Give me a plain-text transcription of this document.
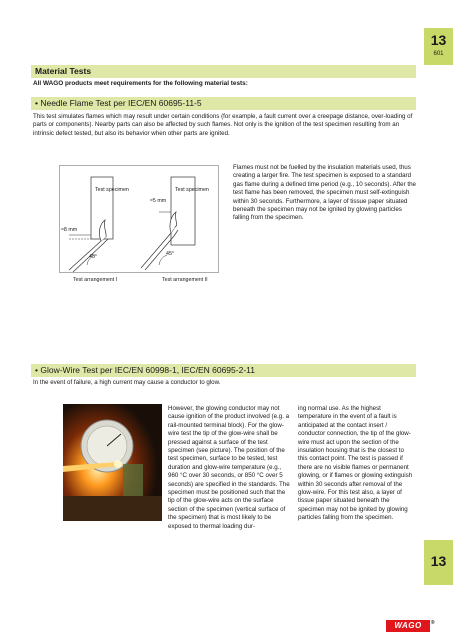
13
601
Material Tests
All WAGO products meet requirements for the following material tests:
• Needle Flame Test per IEC/EN 60695-11-5
This test simulates flames which may result under certain conditions (for example, a fault current over a creepage distance, over-loading of parts or components). Nearby parts can also be affected by such flames. Not only is the ignition of the test specimen resulting from an intrinsic defect tested, but also its behavior when other parts are ignited.
Test specimen	Test specimen
≈8 mm
≈5 mm
45°	45°
Test arrangement I	Test arrangement II
Flames must not be fuelled by the insulation materials used, thus creating a larger fire. The test specimen is exposed to a standard gas flame during a defined time period (e.g., 10 seconds). After the test flame has been removed, the specimen must self-extinguish within 30 seconds. Furthermore, a layer of tissue paper situated beneath the specimen may not be ignited by glowing particles falling from the specimen.
• Glow-Wire Test per IEC/EN 60998-1, IEC/EN 60695-2-11
In the event of failure, a high current may cause a conductor to glow.
However, the glowing conductor may not cause ignition of the product involved (e.g. a rail-mounted terminal block). For the glow-wire test the tip of the glow-wire shall be pressed against a surface of the test specimen (see picture). The position of the test specimen, surface to be tested, test duration and glow-wire temperature (e.g., 960 °C over 30 seconds, or 850 °C over 5 seconds) are specified in the standards. The specimen must be positioned such that the tip of the glow-wire acts on the surface section of the specimen (vertical surface of the specimen) that is most likely to be exposed to thermal loading dur-
ing normal use. As the highest temperature in the event of a fault is anticipated at the contact insert / conductor connection, the tip of the glow-wire must act upon the section of the insulation housing that is the closest to this contact point. The test is passed if there are no visible flames or permanent glowing, or if flames or glowing extinguish within 30 seconds after removal of the glow-wire. For this test also, a layer of tissue paper situated beneath the specimen may not be ignited by glowing particles falling from the specimen.
13
WAGO ®
